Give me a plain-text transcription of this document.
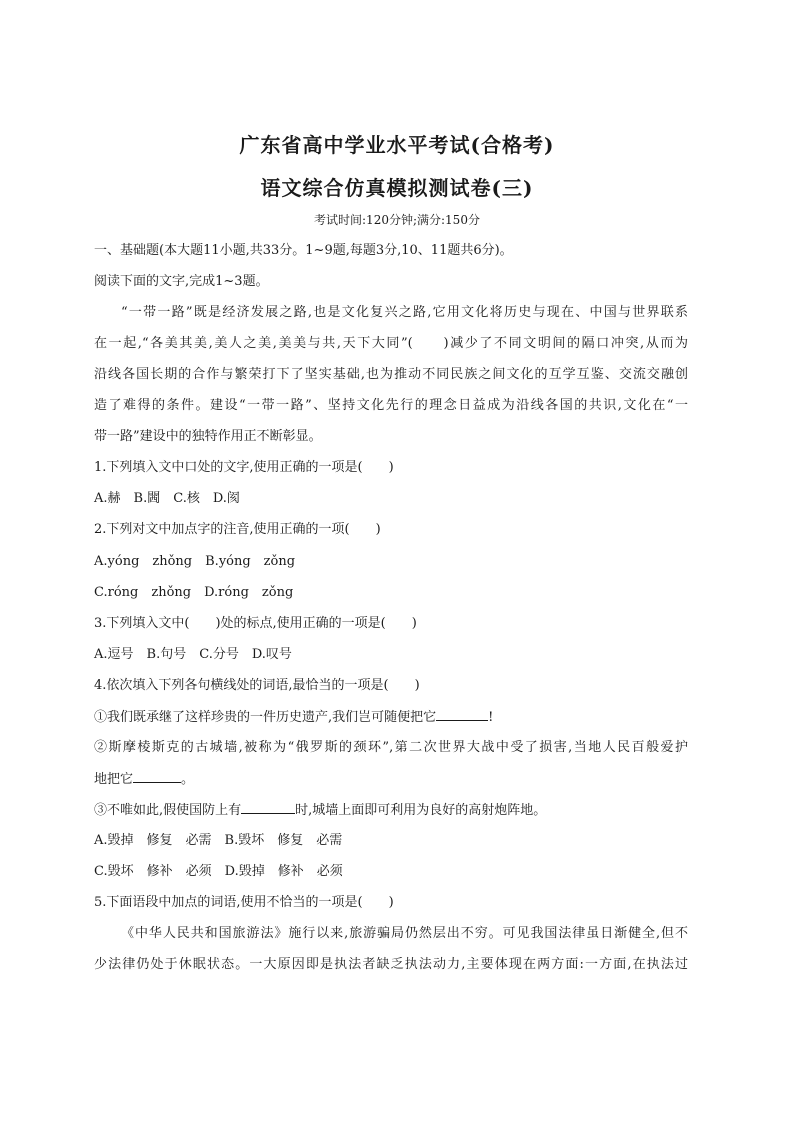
广东省高中学业水平考试(合格考)
语文综合仿真模拟测试卷(三)
考试时间:120分钟;满分:150分
一、基础题(本大题11小题,共33分。1~9题,每题3分,10、11题共6分)。
阅读下面的文字,完成1~3题。
“一带一路”既是经济发展之路,也是文化复兴之路,它用文化将历史与现在、中国与世界联系
在一起,“各美其美,美人之美,美美与共,天下大同”(　　)减少了不同文明间的隔口冲突,从而为
沿线各国长期的合作与繁荣打下了坚实基础,也为推动不同民族之间文化的互学互鉴、交流交融创
造了难得的条件。建设“一带一路”、坚持文化先行的理念日益成为沿线各国的共识,文化在“一
带一路”建设中的独特作用正不断彰显。
1.下列填入文中口处的文字,使用正确的一项是(　　)
A.赫　B.閪　C.核　D.阂
2.下列对文中加点字的注音,使用正确的一项(　　)
A.yóng　zhǒng　B.yóng　zǒng
C.róng　zhǒng　D.róng　zǒng
3.下列填入文中(　　)处的标点,使用正确的一项是(　　)
A.逗号　B.句号　C.分号　D.叹号
4.依次填入下列各句横线处的词语,最恰当的一项是(　　)
①我们既承继了这样珍贵的一件历史遗产,我们岂可随便把它	!
②斯摩棱斯克的古城墙,被称为“俄罗斯的颈环”,第二次世界大战中受了损害,当地人民百般爱护
地把它	。
③不唯如此,假使国防上有	时,城墙上面即可利用为良好的高射炮阵地。
A.毁掉　修复　必需　B.毁坏　修复　必需
C.毁坏　修补　必须　D.毁掉　修补　必须
5.下面语段中加点的词语,使用不恰当的一项是(　　)
《中华人民共和国旅游法》施行以来,旅游骗局仍然层出不穷。可见我国法律虽日渐健全,但不
少法律仍处于休眠状态。一大原因即是执法者缺乏执法动力,主要体现在两方面:一方面,在执法过
